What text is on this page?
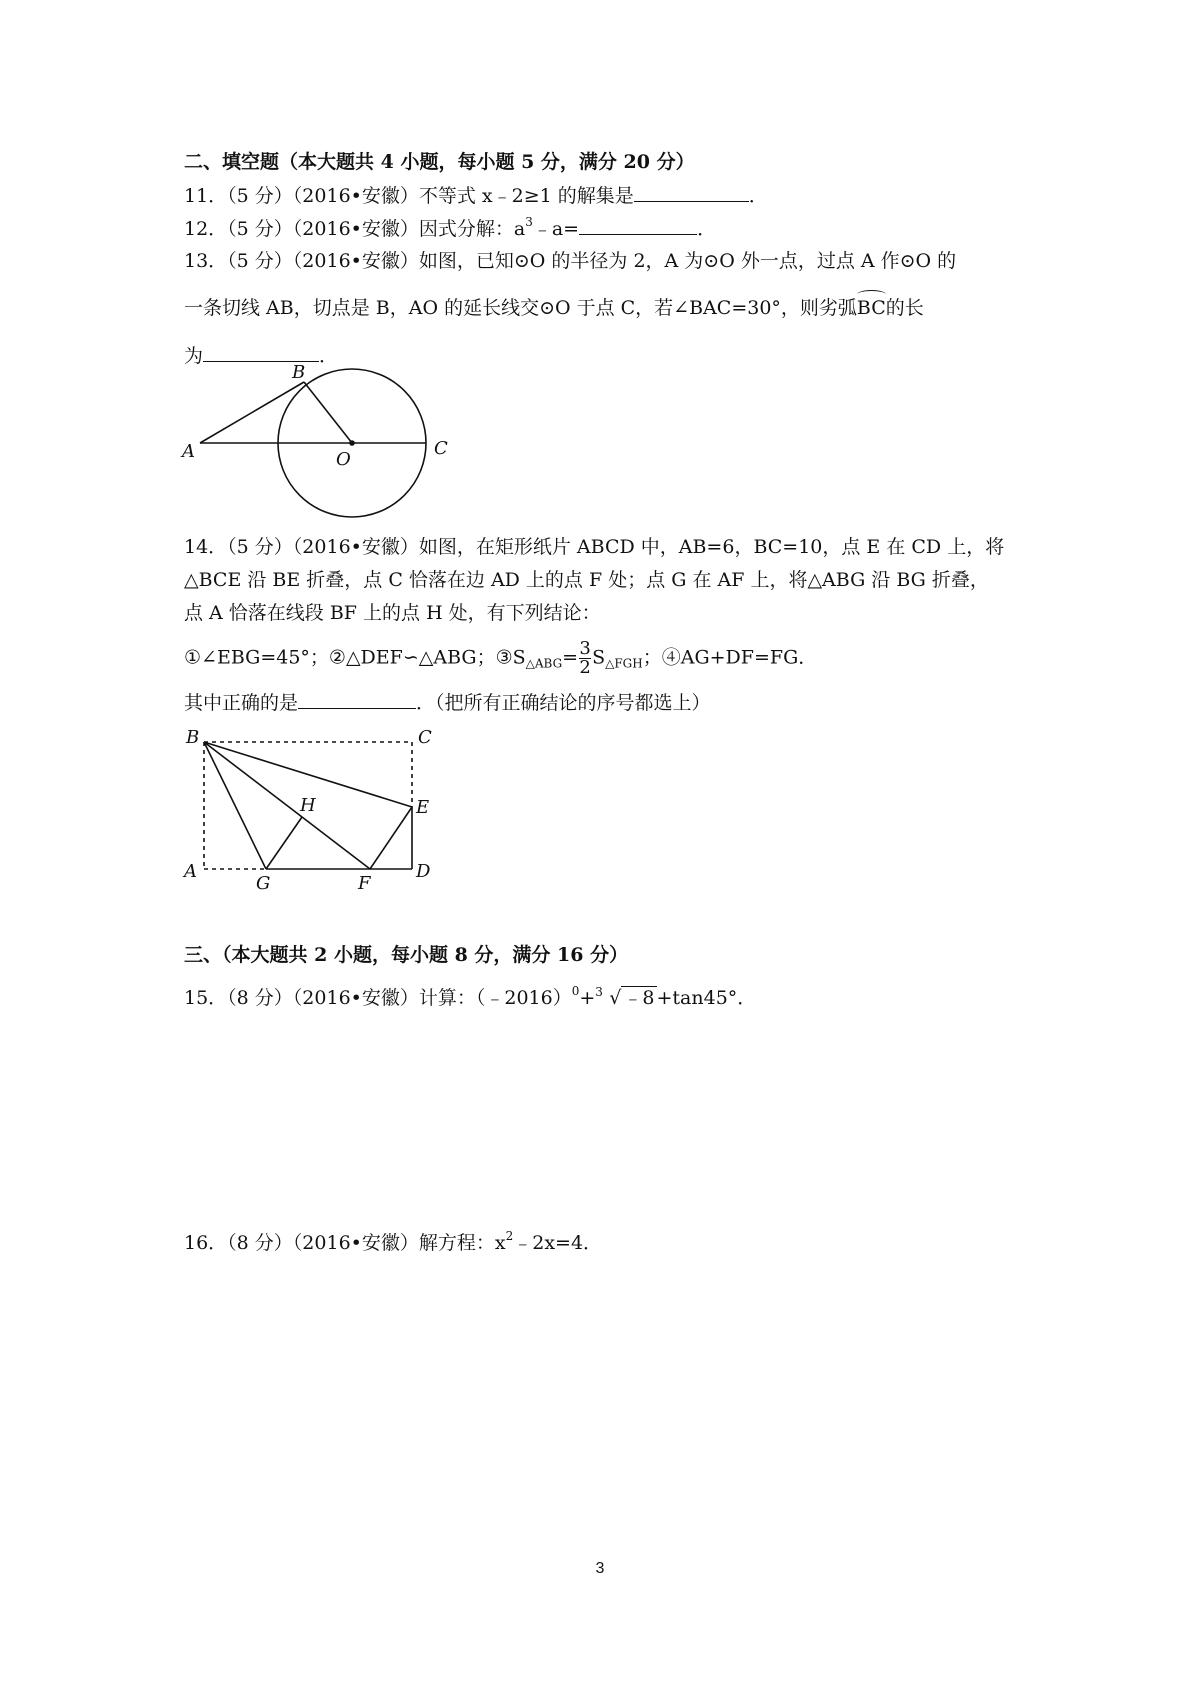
二、填空题（本大题共 4 小题，每小题 5 分，满分 20 分）
11．（5 分）（2016•安徽）不等式 x﹣2≥1 的解集是	．
12．（5 分）（2016•安徽）因式分解：$a^3﹣a=$	．
13．（5 分）（2016•安徽）如图，已知⊙O 的半径为 2，A 为⊙O 外一点，过点 A 作⊙O 的
一条切线 AB，切点是 B，AO 的延长线交⊙O 于点 C，若∠BAC=30°，则劣弧BC的长
为	．
A
B
O
C
14．（5 分）（2016•安徽）如图，在矩形纸片 ABCD 中，AB=6，BC=10，点 E 在 CD 上，将
△BCE 沿 BE 折叠，点 C 恰落在边 AD 上的点 F 处；点 G 在 AF 上，将△ABG 沿 BG 折叠，
点 A 恰落在线段 BF 上的点 H 处，有下列结论：
①∠EBG=45°；②△DEF∽△ABG；$③S_{\triangle ABG}= \frac{3}{2} S_{\triangle FGH}$；④AG+DF=FG．
其中正确的是	．（把所有正确结论的序号都选上）
B	C
E
H
A
G	F
D
三、（本大题共 2 小题，每小题 8 分，满分 16 分）
15．（8 分）（2016•安徽）计算：（﹣2016）$^0$+ 3 √ ﹣8 +tan45°．
16．（8 分）（2016•安徽）解方程：$x^2﹣2x=4$．
3
